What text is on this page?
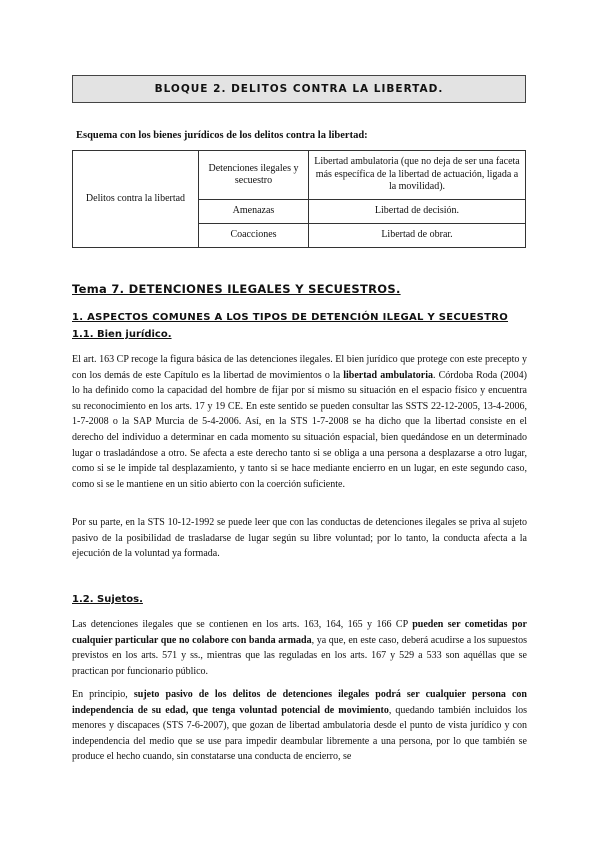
BLOQUE 2. DELITOS CONTRA LA LIBERTAD.
Esquema con los bienes jurídicos de los delitos contra la libertad:
Delitos contra la libertad	Detenciones ilegales y secuestro	Libertad ambulatoria (que no deja de ser una faceta más específica de la libertad de actuación, ligada a la movilidad).
	Amenazas	Libertad de decisión.
	Coacciones	Libertad de obrar.
Tema 7. DETENCIONES ILEGALES Y SECUESTROS.
1. ASPECTOS COMUNES A LOS TIPOS DE DETENCIÓN ILEGAL Y SECUESTRO
1.1. Bien jurídico.
El art. 163 CP recoge la figura básica de las detenciones ilegales. El bien jurídico que protege con este precepto y con los demás de este Capítulo es la libertad de movimientos o la libertad ambulatoria. Córdoba Roda (2004) lo ha definido como la capacidad del hombre de fijar por sí mismo su situación en el espacio físico y encuentra su reconocimiento en los arts. 17 y 19 CE. En este sentido se pueden consultar las SSTS 22-12-2005, 13-4-2006, 1-7-2008 o la SAP Murcia de 5-4-2006. Así, en la STS 1-7-2008 se ha dicho que la libertad consiste en el derecho del individuo a determinar en cada momento su situación espacial, bien quedándose en un determinado lugar o trasladándose a otro. Se afecta a este derecho tanto si se obliga a una persona a desplazarse a otro lugar, como si se le impide tal desplazamiento, y tanto si se hace mediante encierro en un lugar, en este segundo caso, como si se le mantiene en un sitio abierto con la coerción suficiente.
Por su parte, en la STS 10-12-1992 se puede leer que con las conductas de detenciones ilegales se priva al sujeto pasivo de la posibilidad de trasladarse de lugar según su libre voluntad; por lo tanto, la conducta afecta a la ejecución de la voluntad ya formada.
1.2. Sujetos.
Las detenciones ilegales que se contienen en los arts. 163, 164, 165 y 166 CP pueden ser cometidas por cualquier particular que no colabore con banda armada, ya que, en este caso, deberá acudirse a los supuestos previstos en los arts. 571 y ss., mientras que las reguladas en los arts. 167 y 529 a 533 son aquéllas que se practican por funcionario público.
En principio, sujeto pasivo de los delitos de detenciones ilegales podrá ser cualquier persona con independencia de su edad, que tenga voluntad potencial de movimiento, quedando también incluidos los menores y discapaces (STS 7-6-2007), que gozan de libertad ambulatoria desde el punto de vista jurídico y con independencia del medio que se use para impedir deambular libremente a una persona, por lo que también se produce el hecho cuando, sin constatarse una conducta de encierro, se
